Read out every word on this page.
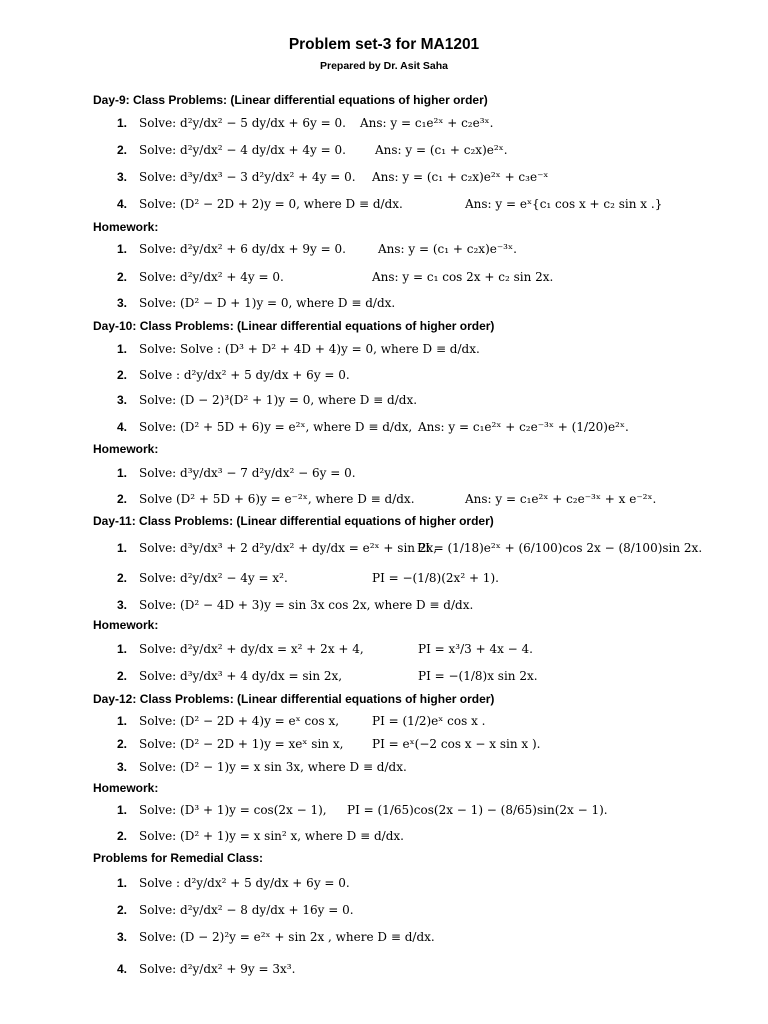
Problem set-3 for MA1201
Prepared by Dr. Asit Saha
Day-9: Class Problems: (Linear differential equations of higher order)
1. Solve: d²y/dx² − 5 dy/dx + 6y = 0. Ans: y = c₁e²ˣ + c₂e³ˣ.
2. Solve: d²y/dx² − 4 dy/dx + 4y = 0. Ans: y = (c₁ + c₂x)e²ˣ.
3. Solve: d³y/dx³ − 3 d²y/dx² + 4y = 0. Ans: y = (c₁ + c₂x)e²ˣ + c₃e⁻ˣ
4. Solve: (D² − 2D + 2)y = 0, where D ≡ d/dx.	Ans: y = eˣ{c₁ cos x + c₂ sin x .}
Homework:
1. Solve: d²y/dx² + 6 dy/dx + 9y = 0.	Ans: y = (c₁ + c₂x)e⁻³ˣ.
2. Solve: d²y/dx² + 4y = 0.	Ans: y = c₁ cos 2x + c₂ sin 2x.
3. Solve: (D² − D + 1)y = 0, where D ≡ d/dx.
Day-10: Class Problems: (Linear differential equations of higher order)
1. Solve: Solve : (D³ + D² + 4D + 4)y = 0, where D ≡ d/dx.
2. Solve : d²y/dx² + 5 dy/dx + 6y = 0.
3. Solve: (D − 2)³(D² + 1)y = 0, where D ≡ d/dx.
4. Solve: (D² + 5D + 6)y = e²ˣ, where D ≡ d/dx, Ans: y = c₁e²ˣ + c₂e⁻³ˣ + (1/20)e²ˣ.
Homework:
1. Solve: d³y/dx³ − 7 d²y/dx² − 6y = 0.
2. Solve (D² + 5D + 6)y = e⁻²ˣ, where D ≡ d/dx.	Ans: y = c₁e²ˣ + c₂e⁻³ˣ + x e⁻²ˣ.
Day-11: Class Problems: (Linear differential equations of higher order)
1. Solve: d³y/dx³ + 2 d²y/dx² + dy/dx = e²ˣ + sin 2x,
PI = (1/18)e²ˣ + (6/100)cos 2x − (8/100)sin 2x.
2. Solve: d²y/dx² − 4y = x².	PI = −(1/8)(2x² + 1).
3. Solve: (D² − 4D + 3)y = sin 3x cos 2x, where D ≡ d/dx.
Homework:
1. Solve: d²y/dx² + dy/dx = x² + 2x + 4,	PI = x³/3 + 4x − 4.
2. Solve: d³y/dx³ + 4 dy/dx = sin 2x,	PI = −(1/8)x sin 2x.
Day-12: Class Problems: (Linear differential equations of higher order)
1. Solve: (D² − 2D + 4)y = eˣ cos x,	PI = (1/2)eˣ cos x .
2. Solve: (D² − 2D + 1)y = xeˣ sin x, PI = eˣ(−2 cos x − x sin x ).
3. Solve: (D² − 1)y = x sin 3x, where D ≡ d/dx.
Homework:
1. Solve: (D³ + 1)y = cos(2x − 1), PI = (1/65)cos(2x − 1) − (8/65)sin(2x − 1).
2. Solve: (D² + 1)y = x sin² x, where D ≡ d/dx.
Problems for Remedial Class:
1. Solve : d²y/dx² + 5 dy/dx + 6y = 0.
2. Solve: d²y/dx² − 8 dy/dx + 16y = 0.
3. Solve: (D − 2)²y = e²ˣ + sin 2x , where D ≡ d/dx.
4. Solve: d²y/dx² + 9y = 3x³.
